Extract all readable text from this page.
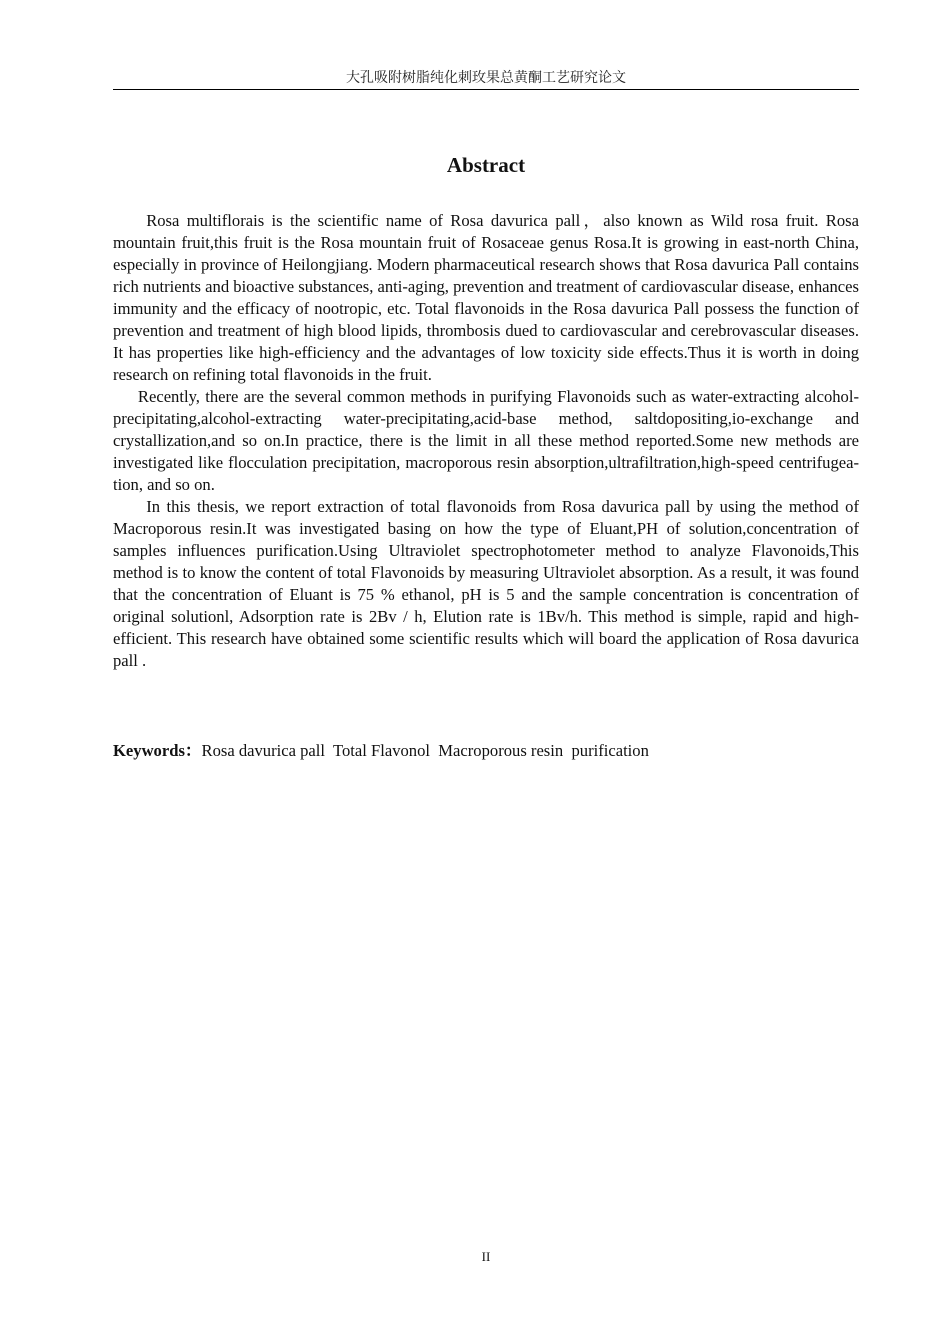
大孔吸附树脂纯化刺玫果总黄酮工艺研究论文
Abstract

Rosa multiflorais is the scientific name of Rosa davurica pall，also known as Wild rosa fruit. Rosa mountain fruit,this fruit is the Rosa mountain fruit of Rosaceae genus Rosa.It is growing in east-north China, especially in province of Heilongjiang. Modern pharmaceutical research shows that Rosa davurica Pall contains rich nutrients and bioactive substances, anti-aging, prevention and treatment of cardiovascular disease, enhances immunity and the efficacy of nootropic, etc. Total flavonoids in the Rosa davurica Pall possess the function of prevention and treatment of high blood lipids, thrombosis dued to cardiovascular and cerebrovascular diseases. It has properties like high-efficiency and the advantages of low toxicity side effects.Thus it is worth in doing research on refining total flavonoids in the fruit.

Recently, there are the several common methods in purifying Flavonoids such as water-extracting alcohol-precipitating,alcohol-extracting water-precipitating,acid-base method, saltdopositing,io-exchange and crystallization,and so on.In practice, there is the limit in all these method reported.Some new methods are investigated like flocculation precipitation, macroporous resin absorption,ultrafiltration,high-speed centrifugea- tion, and so on.

In this thesis, we report extraction of total flavonoids from Rosa davurica pall by using the method of Macroporous resin.It was investigated basing on how the type of Eluant,PH of solution,concentration of samples influences purification.Using Ultraviolet spectrophotometer method to analyze Flavonoids,This method is to know the content of total Flavonoids by measuring Ultraviolet absorption. As a result, it was found that the concentration of Eluant is 75 % ethanol, pH is 5 and the sample concentration is concentration of original solutionl, Adsorption rate is 2Bv / h, Elution rate is 1Bv/h. This method is simple, rapid and high-efficient. This research have obtained some scientific results which will board the application of Rosa davurica pall .

Keywords：Rosa davurica pall  Total Flavonol  Macroporous resin  purification
II
